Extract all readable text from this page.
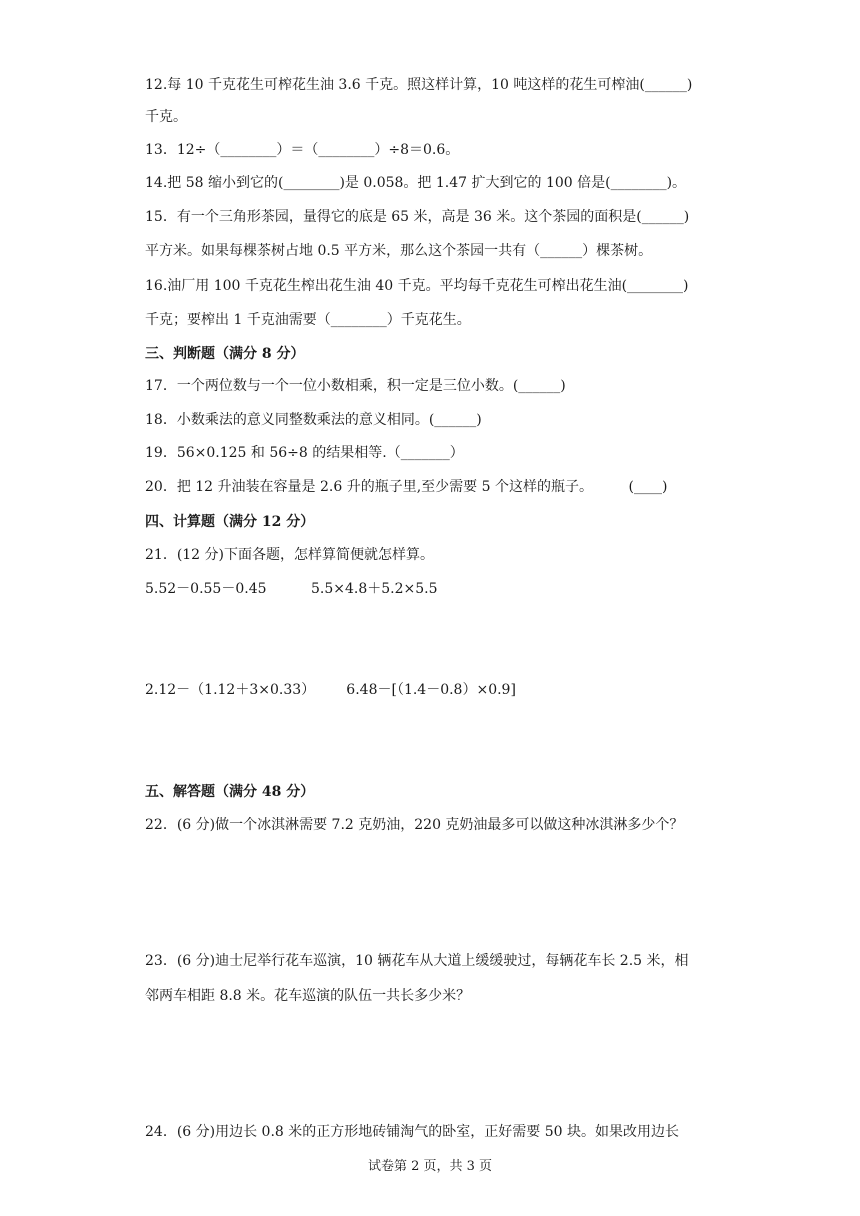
12.每 10 千克花生可榨花生油 3.6 千克。照这样计算，10 吨这样的花生可榨油(______)
千克。
13．12÷（________）＝（________）÷8＝0.6。
14.把 58 缩小到它的(________)是 0.058。把 1.47 扩大到它的 100 倍是(________)。
15．有一个三角形茶园，量得它的底是 65 米，高是 36 米。这个茶园的面积是(______)
平方米。如果每棵茶树占地 0.5 平方米，那么这个茶园一共有（______）棵茶树。
16.油厂用 100 千克花生榨出花生油 40 千克。平均每千克花生可榨出花生油(________)
千克；要榨出 1 千克油需要（________）千克花生。
三、判断题（满分 8 分）
17．一个两位数与一个一位小数相乘，积一定是三位小数。(______)
18．小数乘法的意义同整数乘法的意义相同。(______)
19．56×0.125 和 56÷8 的结果相等.（_______）
20．把 12 升油装在容量是 2.6 升的瓶子里,至少需要 5 个这样的瓶子。        (____)
四、计算题（满分 12 分）
21．(12 分)下面各题，怎样算简便就怎样算。
5.52－0.55－0.45          5.5×4.8＋5.2×5.5
2.12－（1.12＋3×0.33）       6.48－[（1.4－0.8）×0.9]
五、解答题（满分 48 分）
22．(6 分)做一个冰淇淋需要 7.2 克奶油，220 克奶油最多可以做这种冰淇淋多少个？
23．(6 分)迪士尼举行花车巡演，10 辆花车从大道上缓缓驶过，每辆花车长 2.5 米，相
邻两车相距 8.8 米。花车巡演的队伍一共长多少米？
24．(6 分)用边长 0.8 米的正方形地砖铺淘气的卧室，正好需要 50 块。如果改用边长
试卷第 2 页，共 3 页
